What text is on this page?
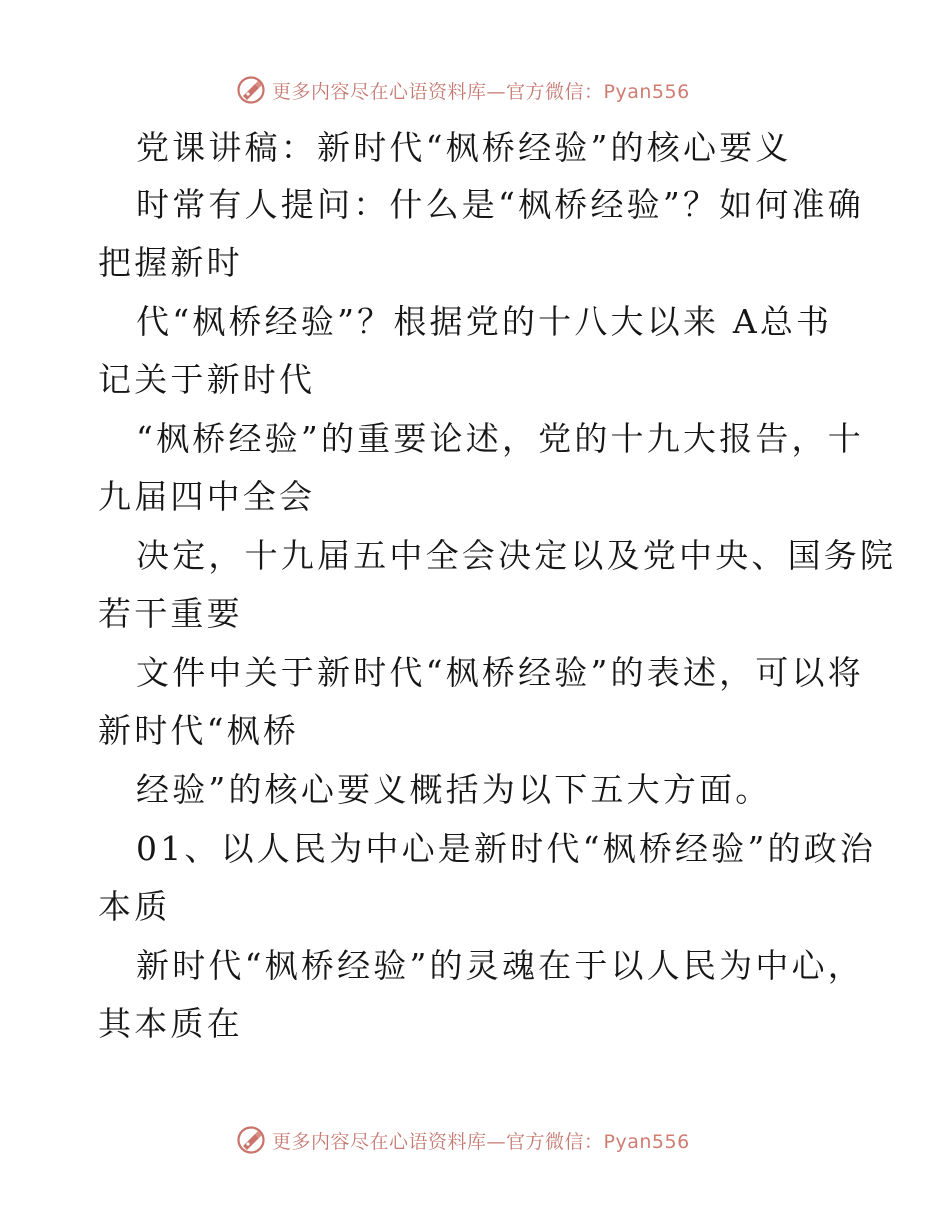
更多内容尽在心语资料库—官方微信：Pyan556
党课讲稿：新时代“枫桥经验”的核心要义
时常有人提问：什么是“枫桥经验”？如何准确
把握新时
代“枫桥经验”？根据党的十八大以来 A总书
记关于新时代
“枫桥经验”的重要论述，党的十九大报告，十
九届四中全会
决定，十九届五中全会决定以及党中央、国务院
若干重要
文件中关于新时代“枫桥经验”的表述，可以将
新时代“枫桥
经验”的核心要义概括为以下五大方面。
01、以人民为中心是新时代“枫桥经验”的政治
本质
新时代“枫桥经验”的灵魂在于以人民为中心，
其本质在
更多内容尽在心语资料库—官方微信：Pyan556
